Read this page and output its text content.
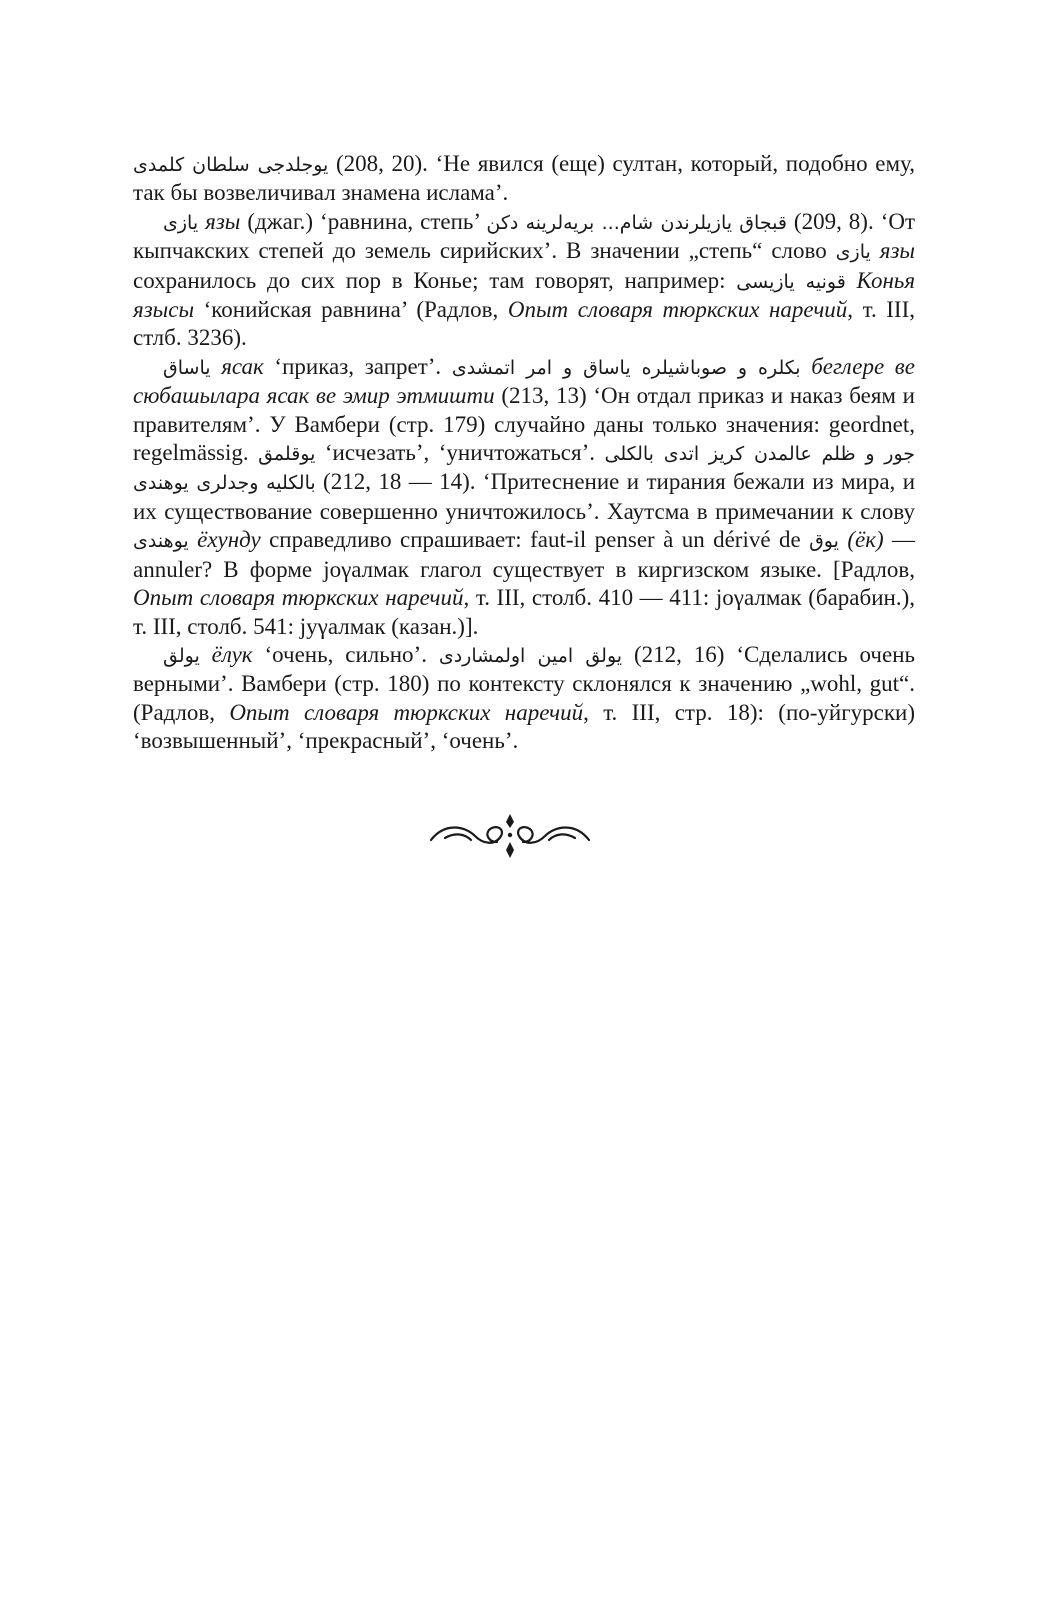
یوجلدجی سلطان کلمدی (208, 20). ‘Не явился (еще) султан, который, подобно ему, так бы возвеличивал знамена ислама’.

یازی язы (джаг.) ‘равнина, степь’ قبجاق یازیلرندن شام... بریه‌لرینه دکن (209, 8). ‘От кыпчакских степей до земель сирийских’. В значении „степь“ слово یازی язы сохранилось до сих пор в Конье; там говорят, например: قونیه یازیسی Конья язысы ‘конийская равнина’ (Радлов, Опыт словаря тюркских наречий, т. III, стлб. 3236).

یاساق ясак ‘приказ, запрет’. بکلره و صوباشیلره یاساق و امر اتمشدی беглере ве сюбашылара ясак ве эмир этмишти (213, 13) ‘Он отдал приказ и наказ беям и правителям’. У Вамбери (стр. 179) случайно даны только значения: geordnet, regelmässig. یوقلمق ‘исчезать’, ‘уничтожаться’. جور و ظلم عالمدن کریز اتدی بالکلی بالکلیه وجدلری یوهندی (212, 18 — 14). ‘Притеснение и тирания бежали из мира, и их существование совершенно уничтожилось’. Хаутсма в примечании к слову یوهندی ёхунду справедливо спрашивает: faut-il penser à un dérivé de یوق (ёк) — annuler? В форме joγалмак глагол существует в киргизском языке. [Радлов, Опыт словаря тюркских наречий, т. III, столб. 410 — 411: joγалмак (барабин.), т. III, столб. 541: jyγалмак (казан.)].

یولق ёлук ‘очень, сильно’. یولق امین اولمشاردی (212, 16) ‘Сделались очень верными’. Вамбери (стр. 180) по контексту склонялся к значению „wohl, gut“. (Радлов, Опыт словаря тюркских наречий, т. III, стр. 18): (по-уйгурски) ‘возвышенный’, ‘прекрасный’, ‘очень’.
